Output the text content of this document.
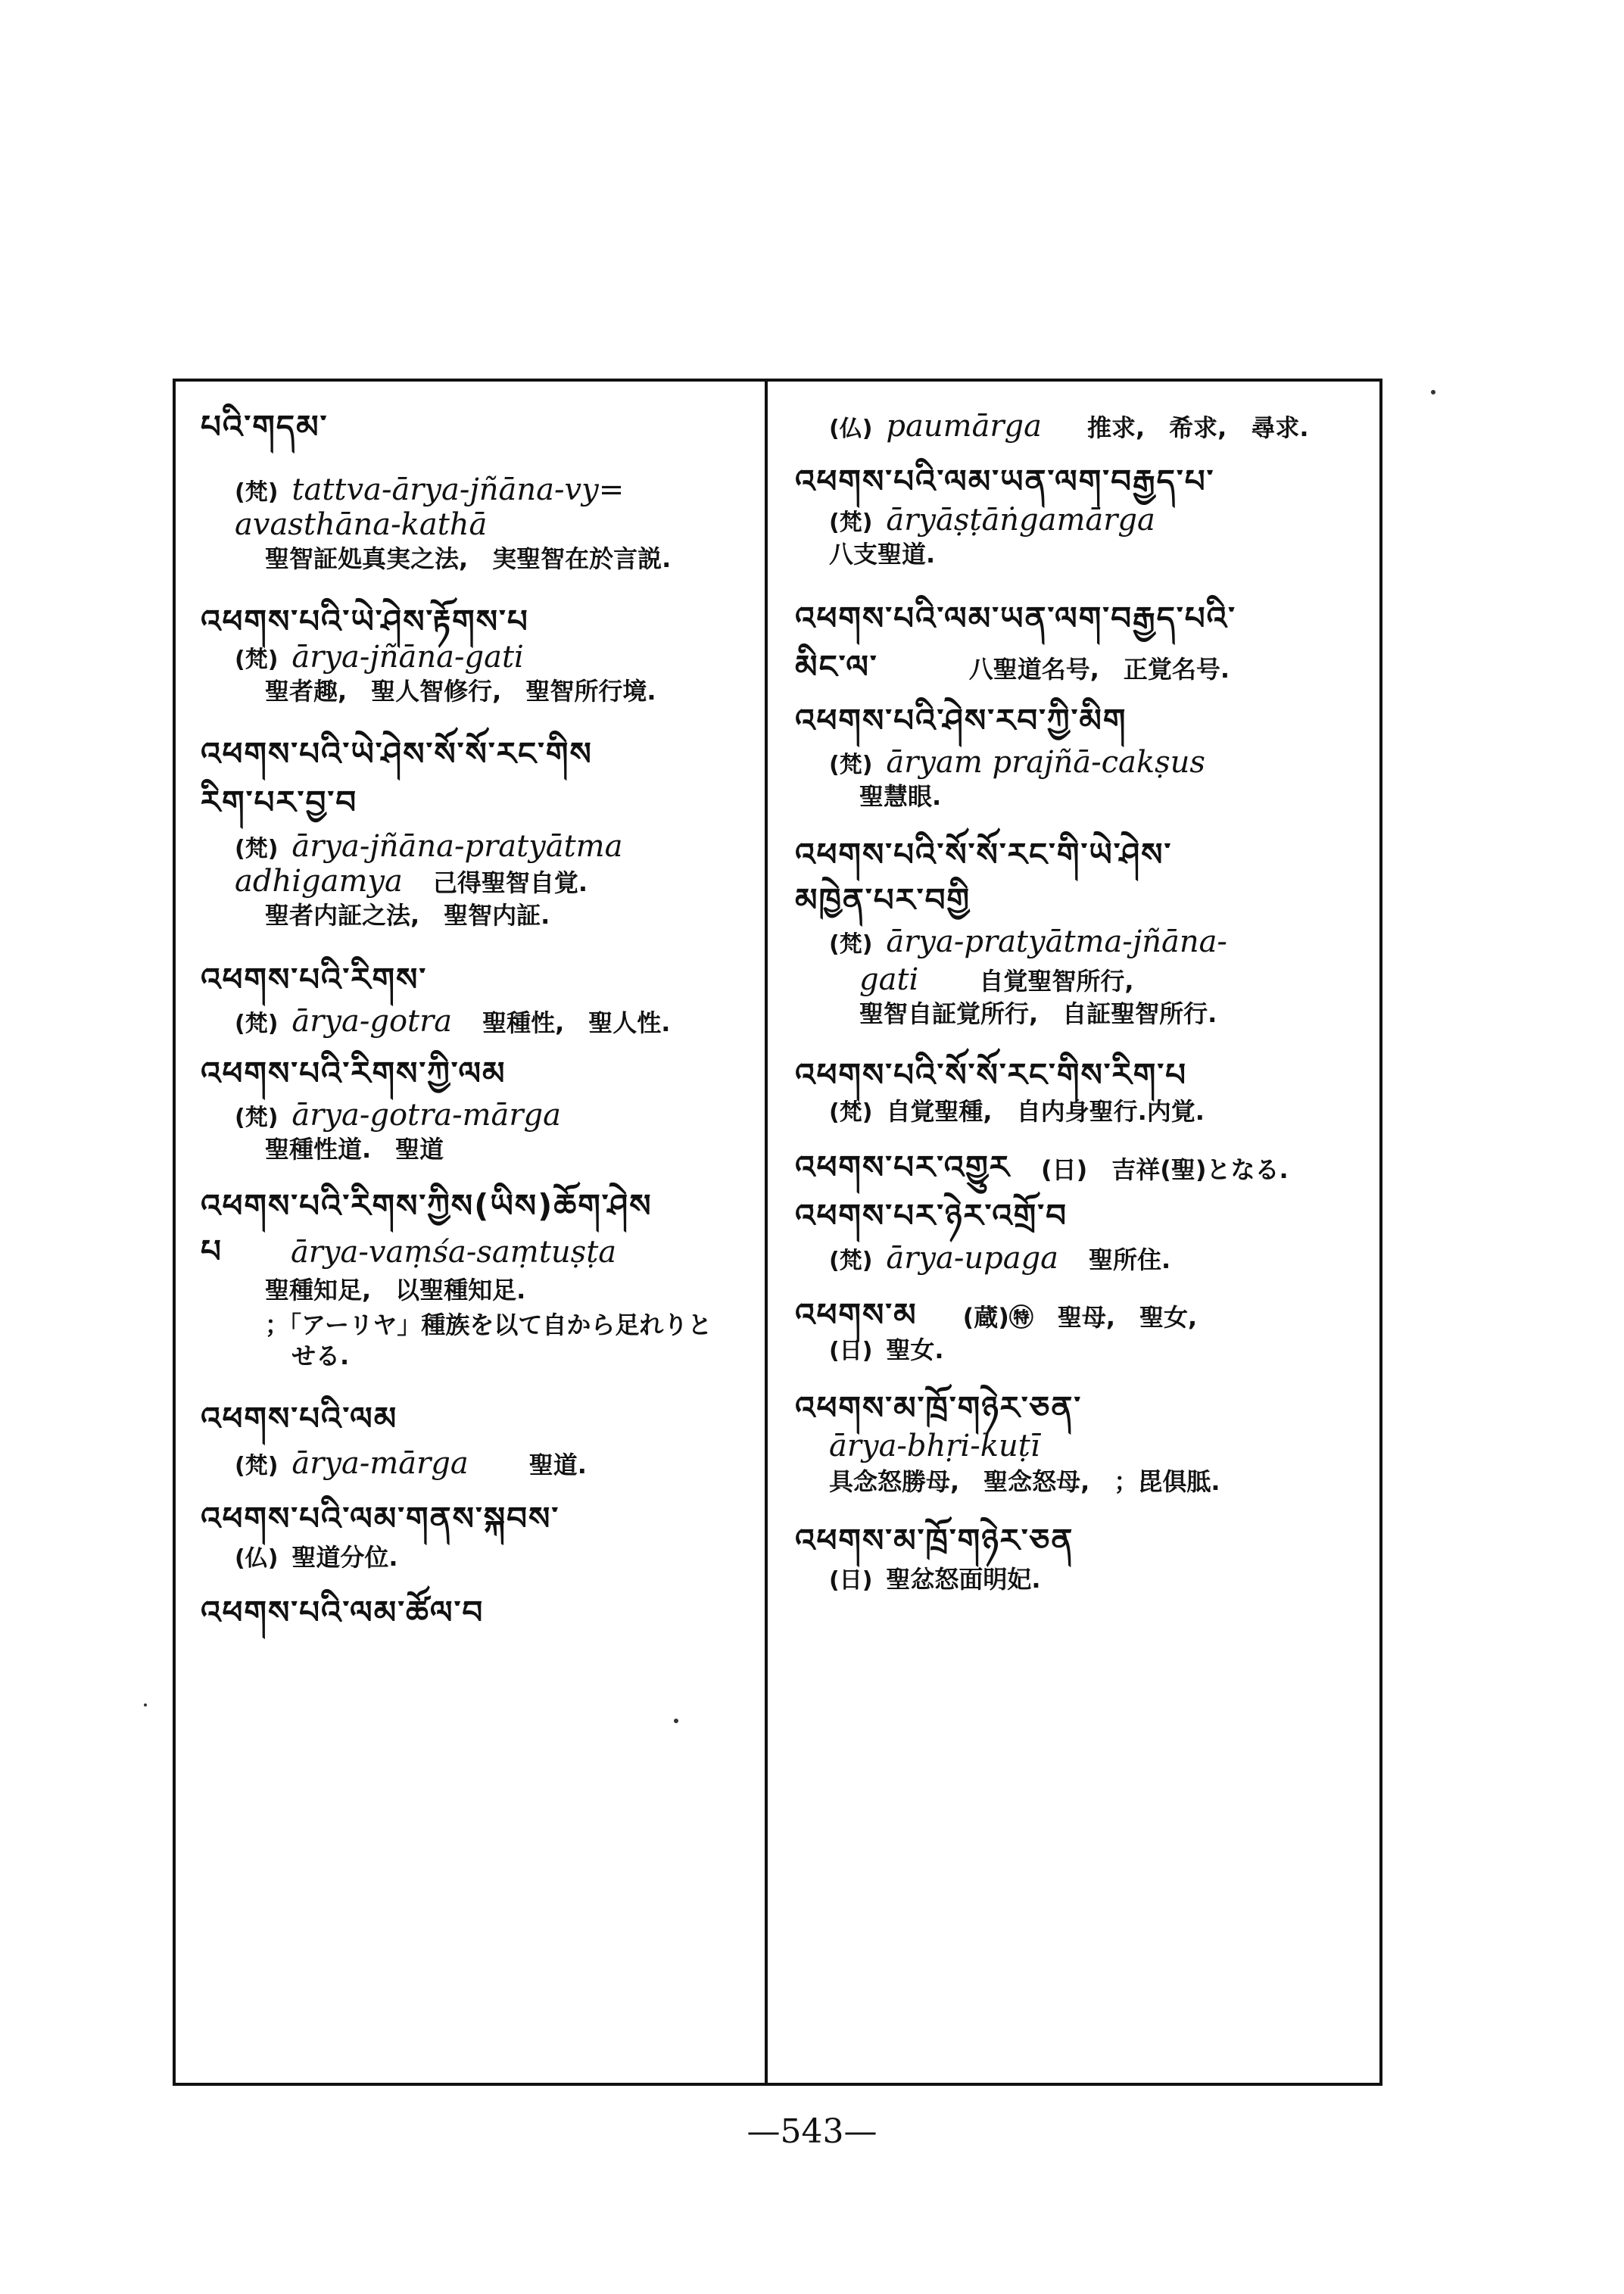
པའི་གདམ་
(梵) tattva-ārya-jñāna-vy=
avasthāna-kathā
聖智証処真実之法,　実聖智在於言説.
འཕགས་པའི་ཡེ་ཤེས་རྟོགས་པ
(梵) ārya-jñāna-gati
聖者趣,　聖人智修行,　聖智所行境.
འཕགས་པའི་ཡེ་ཤེས་སོ་སོ་རང་གིས
རིག་པར་བྱ་བ
(梵) ārya-jñāna-pratyātma
adhigamya 己得聖智自覚.
聖者内証之法,　聖智内証.
འཕགས་པའི་རིགས་
(梵) ārya-gotra 聖種性,　聖人性.
འཕགས་པའི་རིགས་ཀྱི་ལམ
(梵) ārya-gotra-mārga
聖種性道.　聖道
འཕགས་པའི་རིགས་ཀྱིས(ཡིས)ཆོག་ཤེས
པ ārya-vaṃśa-saṃtuṣṭa
聖種知足,　以聖種知足.
；「アーリヤ」種族を以て自から足れりと
せる.
འཕགས་པའི་ལམ
(梵) ārya-mārga	聖道.
འཕགས་པའི་ལམ་གནས་སྐབས་
(仏) 聖道分位.
འཕགས་པའི་ལམ་ཚོལ་བ
(仏) paumārga 推求,　希求,　尋求.
འཕགས་པའི་ལམ་ཡན་ལག་བརྒྱད་པ་
(梵) āryāṣṭāṅgamārga
八支聖道.
འཕགས་པའི་ལམ་ཡན་ལག་བརྒྱད་པའི་
མིང་ལ་	八聖道名号,　正覚名号.
འཕགས་པའི་ཤེས་རབ་ཀྱི་མིག
(梵) āryam prajñā-cakṣus
聖慧眼.
འཕགས་པའི་སོ་སོ་རང་གི་ཡེ་ཤེས་
མཁྱེན་པར་བགྱི
(梵) ārya-pratyātma-jñāna-
gati	自覚聖智所行,
聖智自証覚所行,　自証聖智所行.
འཕགས་པའི་སོ་སོ་རང་གིས་རིག་པ
(梵) 自覚聖種,　自内身聖行.内覚.
འཕགས་པར་འགྱུར (日)　吉祥(聖)となる.
འཕགས་པར་ཉེར་འགྲོ་བ
(梵) ārya-upaga 聖所住.
འཕགས་མ (蔵)㊕　聖母,　聖女,
(日) 聖女.
འཕགས་མ་ཁྲོ་གཉེར་ཅན་
ārya-bhṛi-kuṭī
具念怒勝母,　聖念怒母,　；毘俱胝.
འཕགས་མ་ཁྲོ་གཉེར་ཅན
(日) 聖忿怒面明妃.
—543—
